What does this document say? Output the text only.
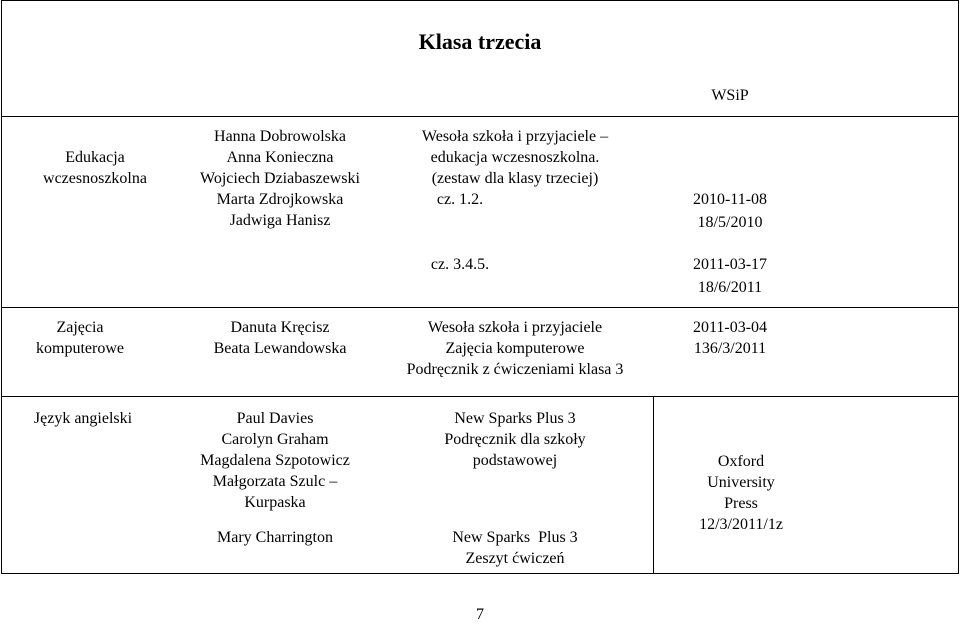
Klasa trzecia
WSiP
Edukacja
wczesnoszkolna
Hanna Dobrowolska
Anna Konieczna
Wojciech Dziabaszewski
Marta Zdrojkowska
Jadwiga Hanisz
Wesoła szkoła i przyjaciele –
edukacja wczesnoszkolna.
(zestaw dla klasy trzeciej)
cz. 1.2.
cz. 3.4.5.
2010-11-08
18/5/2010
2011-03-17
18/6/2011
Zajęcia
komputerowe
Danuta Kręcisz
Beata Lewandowska
Wesoła szkoła i przyjaciele
Zajęcia komputerowe
Podręcznik z ćwiczeniami klasa 3
2011-03-04
136/3/2011
Język angielski	Paul Davies
Carolyn Graham
Magdalena Szpotowicz
Małgorzata Szulc –
Kurpaska
New Sparks Plus 3
Podręcznik dla szkoły
podstawowej
Mary Charrington	New Sparks  Plus 3
Zeszyt ćwiczeń
Oxford
University
Press
12/3/2011/1z
7
